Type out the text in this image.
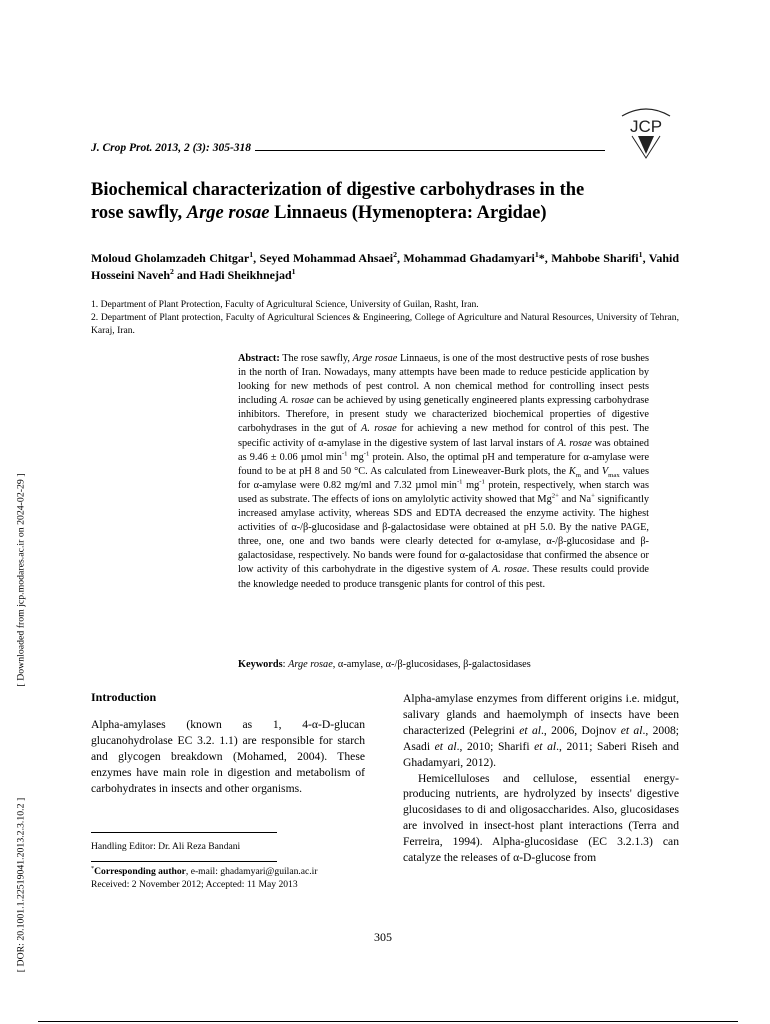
JCP
J. Crop Prot. 2013, 2 (3): 305-318
Biochemical characterization of digestive carbohydrases in the
rose sawfly, Arge rosae Linnaeus (Hymenoptera: Argidae)
Moloud Gholamzadeh Chitgar$^1$, Seyed Mohammad Ahsaei$^2$, Mohammad Ghadamyari$^1$*, Mahbobe Sharifi$^1$, Vahid Hosseini Naveh$^2$ and Hadi Sheikhnejad$^1$
1. Department of Plant Protection, Faculty of Agricultural Science, University of Guilan, Rasht, Iran.
2. Department of Plant protection, Faculty of Agricultural Sciences & Engineering, College of Agriculture and Natural Resources, University of Tehran, Karaj, Iran.
Abstract: The rose sawfly, Arge rosae Linnaeus, is one of the most destructive pests of rose bushes in the north of Iran. Nowadays, many attempts have been made to reduce pesticide application by looking for new methods of pest control. A non chemical method for controlling insect pests including A. rosae can be achieved by using genetically engineered plants expressing carbohydrase inhibitors. Therefore, in present study we characterized biochemical properties of digestive carbohydrases in the gut of A. rosae for achieving a new method for control of this pest. The specific activity of α-amylase in the digestive system of last larval instars of A. rosae was obtained as 9.46 ± 0.06 µmol $\min^{-1} mg^{-1}$ protein. Also, the optimal pH and temperature for α-amylase were found to be at pH 8 and 50 °C. As calculated from Lineweaver-Burk plots, the $K_m$ and $V_{max}$ values for α-amylase were 0.82 mg/ml and 7.32 µmol $\min^{-1} mg^{-1}$ protein, respectively, when starch was used as substrate. The effects of ions on amylolytic activity showed that $Mg^{2+}$ and Na+ significantly increased amylase activity, whereas SDS and EDTA decreased the enzyme activity. The highest activities of α-/β-glucosidase and β-galactosidase were obtained at pH 5.0. By the native PAGE, three, one, one and two bands were clearly detected for α-amylase, α-/β-glucosidase and β-galactosidase, respectively. No bands were found for α-galactosidase that confirmed the absence or low activity of this carbohydrate in the digestive system of A. rosae. These results could provide the knowledge needed to produce transgenic plants for control of this pest.
Keywords: Arge rosae, α-amylase, α-/β-glucosidases, β-galactosidases
Introduction
Alpha-amylases (known as 1, 4-α-D-glucan glucanohydrolase EC 3.2. 1.1) are responsible for starch and glycogen breakdown (Mohamed, 2004). These enzymes have main role in digestion and metabolism of carbohydrates in insects and other organisms.

Alpha-amylase enzymes from different origins i.e. midgut, salivary glands and haemolymph of insects have been characterized (Pelegrini et al., 2006, Dojnov et al., 2008; Asadi et al., 2010; Sharifi et al., 2011; Saberi Riseh and Ghadamyari, 2012).

Hemicelluloses and cellulose, essential energy-producing nutrients, are hydrolyzed by insects' digestive glucosidases to di and oligosaccharides. Also, glucosidases are involved in insect-host plant interactions (Terra and Ferreira, 1994). Alpha-glucosidase (EC 3.2.1.3) can catalyze the releases of α-D-glucose from

Handling Editor: Dr. Ali Reza Bandani
*Corresponding author, e-mail: ghadamyari@guilan.ac.ir
Received: 2 November 2012; Accepted: 11 May 2013
305
[ Downloaded from jcp.modares.ac.ir on 2024-02-29 ]
[ DOR: 20.1001.1.22519041.2013.2.3.10.2 ]
